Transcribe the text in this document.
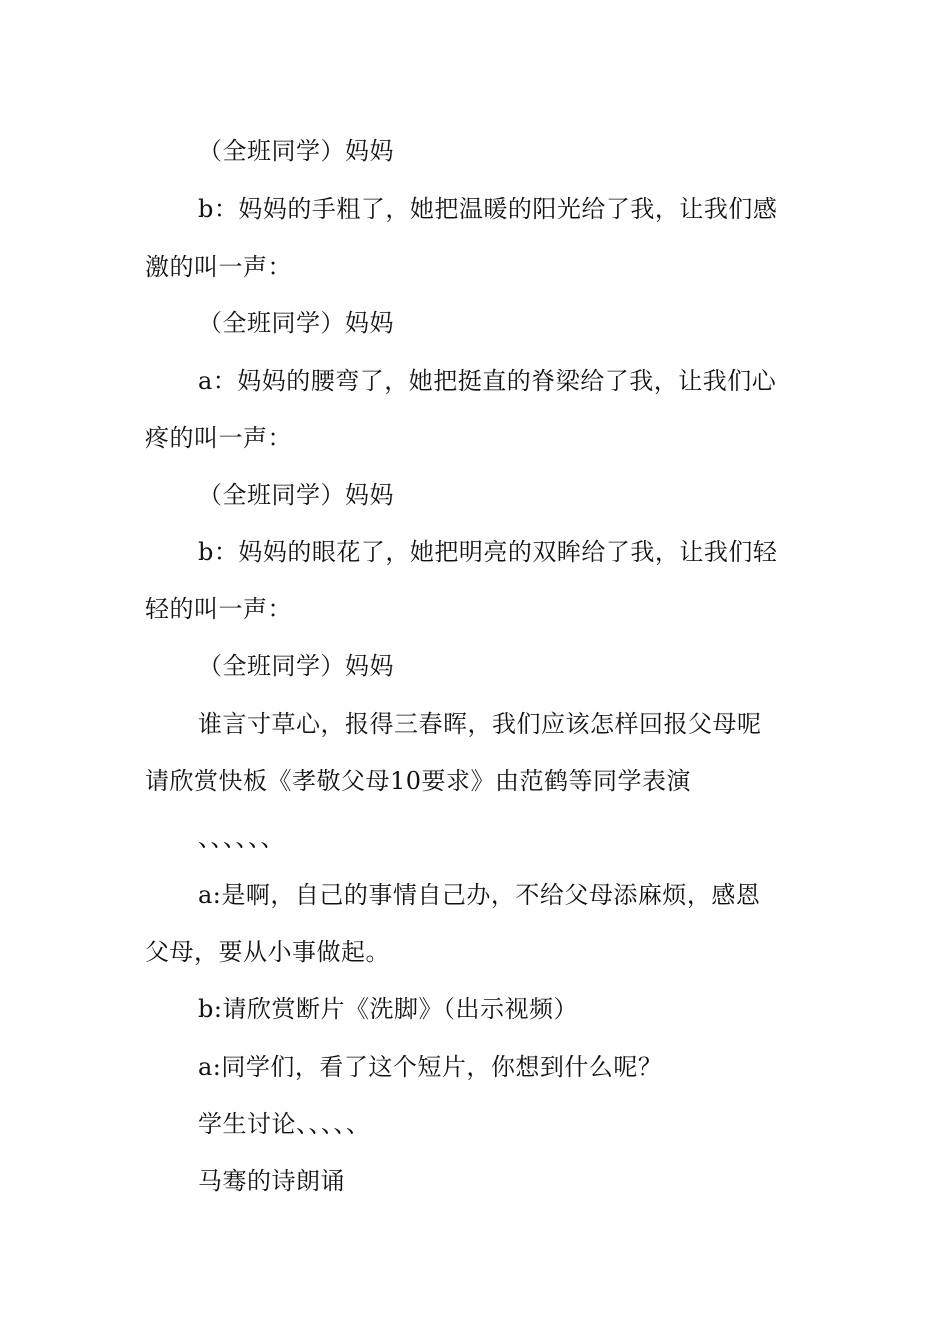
（全班同学）妈妈
b：妈妈的手粗了，她把温暖的阳光给了我，让我们感
激的叫一声：
（全班同学）妈妈
a：妈妈的腰弯了，她把挺直的脊梁给了我，让我们心
疼的叫一声：
（全班同学）妈妈
b：妈妈的眼花了，她把明亮的双眸给了我，让我们轻
轻的叫一声：
（全班同学）妈妈
谁言寸草心，报得三春晖，我们应该怎样回报父母呢
请欣赏快板《孝敬父母10要求》由范鹤等同学表演
、、、、、、
a:是啊，自己的事情自己办，不给父母添麻烦，感恩
父母，要从小事做起。
b:请欣赏断片《洗脚》（出示视频）
a:同学们，看了这个短片，你想到什么呢？
学生讨论、、、、、
马骞的诗朗诵
